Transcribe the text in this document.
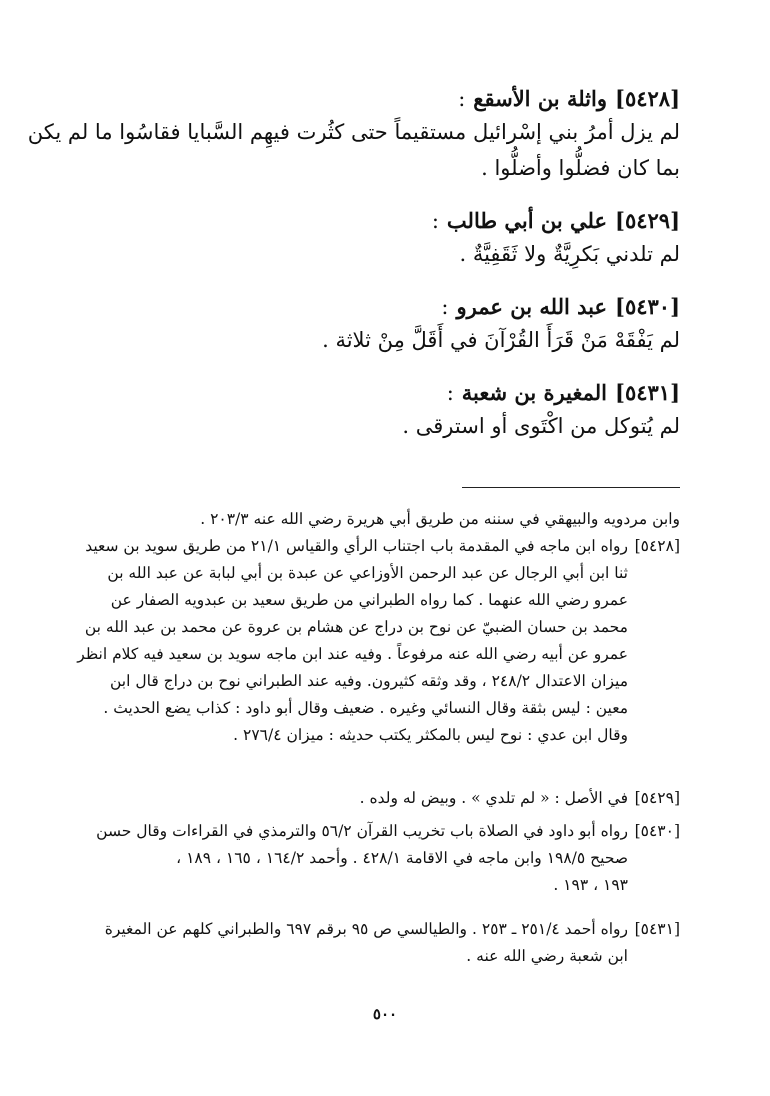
[٥٤٢٨]واثلة بن الأسقع:
لم يزل أمرُ بني إسْرائيل مستقيماً حتى كثُرت فيهِم السَّبايا فقاسُوا ما لم يكن
بما كان فضلُّوا وأضلُّوا .
[٥٤٢٩]علي بن أبي طالب:
لم تلدني بَكرِيَّةٌ ولا ثَقَفِيَّةٌ .
[٥٤٣٠]عبد الله بن عمرو:
لم يَفْقَهْ مَنْ قَرَأَ القُرْآنَ في أَقَلَّ مِنْ ثلاثة .
[٥٤٣١]المغيرة بن شعبة:
لم يُتوكل من اكْتَوى أو استرقى .
وابن مردويه والبيهقي في سننه من طريق أبي هريرة رضي الله عنه ٢٠٣/٣ .
[٥٤٢٨]
رواه ابن ماجه في المقدمة باب اجتناب الرأي والقياس ٢١/١ من طريق سويد بن سعيد
ثنا ابن أبي الرجال عن عبد الرحمن الأوزاعي عن عبدة بن أبي لبابة عن عبد الله بن
عمرو رضي الله عنهما . كما رواه الطبراني من طريق سعيد بن عبدويه الصفار عن
محمد بن حسان الضبيّ عن نوح بن دراج عن هشام بن عروة عن محمد بن عبد الله بن
عمرو عن أبيه رضي الله عنه مرفوعاً . وفيه عند ابن ماجه سويد بن سعيد فيه كلام انظر
ميزان الاعتدال ٢٤٨/٢ ، وقد وثقه كثيرون. وفيه عند الطبراني نوح بن دراج قال ابن
معين : ليس بثقة وقال النسائي وغيره . ضعيف وقال أبو داود : كذاب يضع الحديث .
وقال ابن عدي : نوح ليس بالمكثر يكتب حديثه : ميزان ٢٧٦/٤ .
[٥٤٢٩]
في الأصل : « لم تلدي » . وبيض له ولده .
[٥٤٣٠]
رواه أبو داود في الصلاة باب تخريب القرآن ٥٦/٢ والترمذي في القراءات وقال حسن
صحيح ١٩٨/٥ وابن ماجه في الاقامة ٤٢٨/١ . وأحمد ١٦٤/٢ ، ١٦٥ ، ١٨٩ ،
١٩٣ ، ١٩٣ .
[٥٤٣١]
رواه أحمد ٢٥١/٤ ـ ٢٥٣ . والطيالسي ص ٩٥ برقم ٦٩٧ والطبراني كلهم عن المغيرة
ابن شعبة رضي الله عنه .
٥٠٠
